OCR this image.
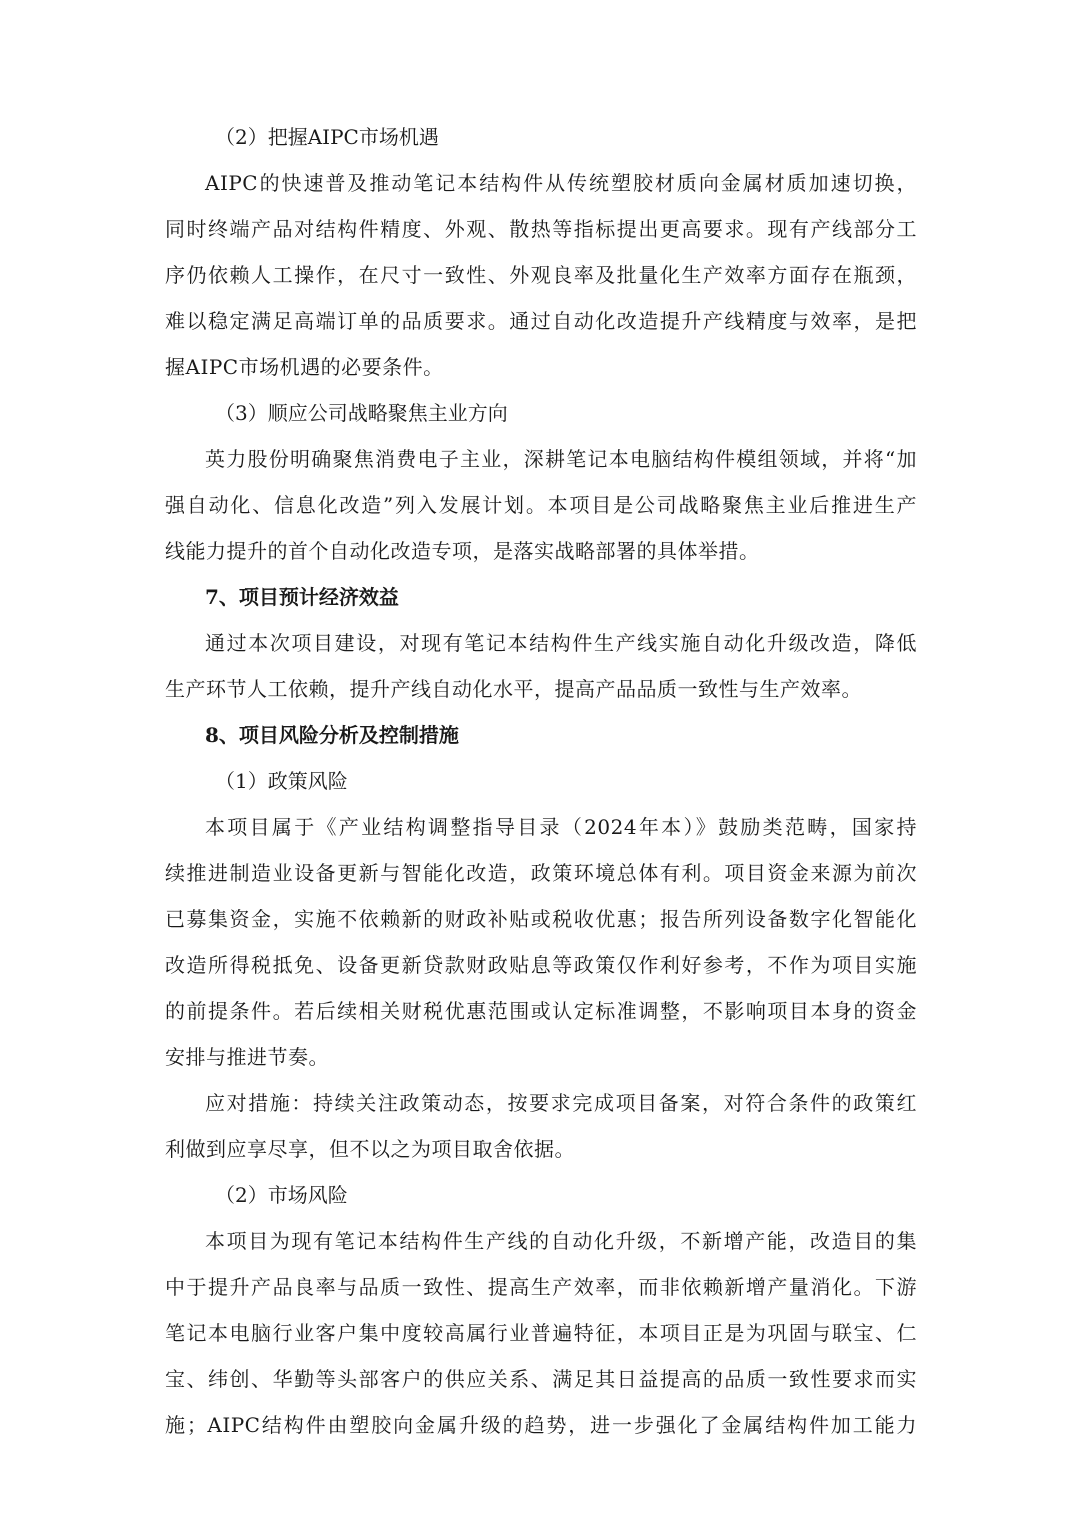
（2）把握AIPC市场机遇
AIPC的快速普及推动笔记本结构件从传统塑胶材质向金属材质加速切换，
同时终端产品对结构件精度、外观、散热等指标提出更高要求。现有产线部分工
序仍依赖人工操作，在尺寸一致性、外观良率及批量化生产效率方面存在瓶颈，
难以稳定满足高端订单的品质要求。通过自动化改造提升产线精度与效率，是把
握AIPC市场机遇的必要条件。
（3）顺应公司战略聚焦主业方向
英力股份明确聚焦消费电子主业，深耕笔记本电脑结构件模组领域，并将“加
强自动化、信息化改造”列入发展计划。本项目是公司战略聚焦主业后推进生产
线能力提升的首个自动化改造专项，是落实战略部署的具体举措。
7、项目预计经济效益
通过本次项目建设，对现有笔记本结构件生产线实施自动化升级改造，降低
生产环节人工依赖，提升产线自动化水平，提高产品品质一致性与生产效率。
8、项目风险分析及控制措施
（1）政策风险
本项目属于《产业结构调整指导目录（2024年本）》鼓励类范畴，国家持
续推进制造业设备更新与智能化改造，政策环境总体有利。项目资金来源为前次
已募集资金，实施不依赖新的财政补贴或税收优惠；报告所列设备数字化智能化
改造所得税抵免、设备更新贷款财政贴息等政策仅作利好参考，不作为项目实施
的前提条件。若后续相关财税优惠范围或认定标准调整，不影响项目本身的资金
安排与推进节奏。
应对措施：持续关注政策动态，按要求完成项目备案，对符合条件的政策红
利做到应享尽享，但不以之为项目取舍依据。
（2）市场风险
本项目为现有笔记本结构件生产线的自动化升级，不新增产能，改造目的集
中于提升产品良率与品质一致性、提高生产效率，而非依赖新增产量消化。下游
笔记本电脑行业客户集中度较高属行业普遍特征，本项目正是为巩固与联宝、仁
宝、纬创、华勤等头部客户的供应关系、满足其日益提高的品质一致性要求而实
施；AIPC结构件由塑胶向金属升级的趋势，进一步强化了金属结构件加工能力
